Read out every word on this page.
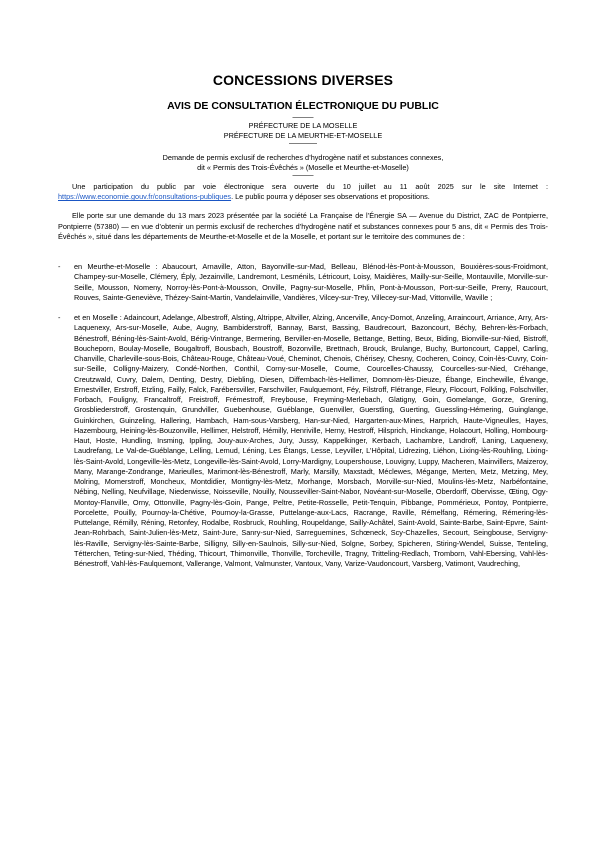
CONCESSIONS DIVERSES
AVIS DE CONSULTATION ÉLECTRONIQUE DU PUBLIC
———
PRÉFECTURE DE LA MOSELLE
PRÉFECTURE DE LA MEURTHE-ET-MOSELLE
————
Demande de permis exclusif de recherches d’hydrogène natif et substances connexes,
dit « Permis des Trois-Évêchés » (Moselle et Meurthe-et-Moselle)
———

Une participation du public par voie électronique sera ouverte du 10 juillet au 11 août 2025 sur le site Internet : https://www.economie.gouv.fr/consultations-publiques. Le public pourra y déposer ses observations et propositions.

Elle porte sur une demande du 13 mars 2023 présentée par la société La Française de l’Énergie SA — Avenue du District, ZAC de Pontpierre, Pontpierre (57380) — en vue d’obtenir un permis exclusif de recherches d’hydrogène natif et substances connexes pour 5 ans, dit « Permis des Trois-Évêchés », situé dans les départements de Meurthe-et-Moselle et de la Moselle, et portant sur le territoire des communes de :

-	en Meurthe-et-Moselle : Abaucourt, Arnaville, Atton, Bayonville-sur-Mad, Belleau, Blénod-lès-Pont-à-Mousson, Bouxières-sous-Froidmont, Champey-sur-Moselle, Clémery, Éply, Jezainville, Landremont, Lesménils, Létricourt, Loisy, Maidières, Mailly-sur-Seille, Montauville, Morville-sur-Seille, Mousson, Nomeny, Norroy-lès-Pont-à-Mousson, Onville, Pagny-sur-Moselle, Phlin, Pont-à-Mousson, Port-sur-Seille, Preny, Raucourt, Rouves, Sainte-Geneviève, Thézey-Saint-Martin, Vandelainville, Vandières, Vilcey-sur-Trey, Villecey-sur-Mad, Vittonville, Waville ;
-	et en Moselle : Adaincourt, Adelange, Albestroff, Alsting, Altrippe, Altviller, Alzing, Ancerville, Ancy-Dornot, Anzeling, Arraincourt, Arriance, Arry, Ars-Laquenexy, Ars-sur-Moselle, Aube, Augny, Bambiderstroff, Bannay, Barst, Bassing, Baudrecourt, Bazoncourt, Béchy, Behren-lès-Forbach, Bénestroff, Béning-lès-Saint-Avold, Bérig-Vintrange, Bermering, Berviller-en-Moselle, Bettange, Betting, Beux, Biding, Bionville-sur-Nied, Bistroff, Boucheporn, Boulay-Moselle, Bougaltroff, Bousbach, Boustroff, Bozonville, Brettnach, Brouck, Brulange, Buchy, Burtoncourt, Cappel, Carling, Chanville, Charleville-sous-Bois, Château-Rouge, Château-Voué, Cheminot, Chenois, Chérisey, Chesny, Cocheren, Coincy, Coin-lès-Cuvry, Coin-sur-Seille, Colligny-Maizery, Condé-Northen, Conthil, Corny-sur-Moselle, Coume, Courcelles-Chaussy, Courcelles-sur-Nied, Créhange, Creutzwald, Cuvry, Dalem, Denting, Destry, Diebling, Diesen, Diffembach-lès-Hellimer, Domnom-lès-Dieuze, Ébange, Einchewille, Élvange, Ernestviller, Erstroff, Etzling, Failly, Falck, Farébersviller, Farschviller, Faulquemont, Féy, Filstroff, Flétrange, Fleury, Flocourt, Folkling, Folschviller, Forbach, Fouligny, Francaltroff, Freistroff, Frémestroff, Freybouse, Freyming-Merlebach, Glatigny, Goin, Gomelange, Gorze, Grening, Grosbliederstroff, Grostenquin, Grundviller, Guebenhouse, Guéblange, Guenviller, Guerstling, Guerting, Guessling-Hémering, Guinglange, Guinkirchen, Guinzeling, Hallering, Hambach, Ham-sous-Varsberg, Han-sur-Nied, Hargarten-aux-Mines, Harprich, Haute-Vigneulles, Hayes, Hazembourg, Heining-lès-Bouzonville, Hellimer, Helstroff, Hémilly, Henriville, Herny, Hestroff, Hilsprich, Hinckange, Holacourt, Holling, Hombourg-Haut, Hoste, Hundling, Insming, Ippling, Jouy-aux-Arches, Jury, Jussy, Kappelkinger, Kerbach, Lachambre, Landroff, Laning, Laquenexy, Laudrefang, Le Val-de-Guéblange, Lelling, Lemud, Léning, Les Étangs, Lesse, Leyviller, L’Hôpital, Lidrezing, Liéhon, Lixing-lès-Rouhling, Lixing-lès-Saint-Avold, Longeville-lès-Metz, Longeville-lès-Saint-Avold, Lorry-Mardigny, Loupershouse, Louvigny, Luppy, Macheren, Mainvillers, Maizeroy, Many, Marange-Zondrange, Marieulles, Marimont-lès-Bénestroff, Marly, Marsilly, Maxstadt, Méclewes, Mégange, Merten, Metz, Metzing, Mey, Molring, Momerstroff, Moncheux, Montdidier, Montigny-lès-Metz, Morhange, Morsbach, Morville-sur-Nied, Moulins-lès-Metz, Narbéfontaine, Nébing, Nelling, Neufvillage, Niederwisse, Noisseville, Nouilly, Nousseviller-Saint-Nabor, Novéant-sur-Moselle, Oberdorff, Obervisse, Œting, Ogy-Montoy-Flanville, Orny, Ottonville, Pagny-lès-Goin, Pange, Peltre, Petite-Rosselle, Petit-Tenquin, Pibbange, Pommérieux, Pontoy, Pontpierre, Porcelette, Pouilly, Pournoy-la-Chétive, Pournoy-la-Grasse, Puttelange-aux-Lacs, Racrange, Raville, Rémelfang, Rémering, Rémering-lès-Puttelange, Rémilly, Réning, Retonfey, Rodalbe, Rosbruck, Rouhling, Roupeldange, Sailly-Achâtel, Saint-Avold, Sainte-Barbe, Saint-Epvre, Saint-Jean-Rohrbach, Saint-Julien-lès-Metz, Saint-Jure, Sanry-sur-Nied, Sarreguemines, Schœneck, Scy-Chazelles, Secourt, Seingbouse, Servigny-lès-Raville, Servigny-lès-Sainte-Barbe, Silligny, Silly-en-Saulnois, Silly-sur-Nied, Solgne, Sorbey, Spicheren, Stiring-Wendel, Suisse, Tenteling, Tétterchen, Teting-sur-Nied, Théding, Thicourt, Thimonville, Thonville, Torcheville, Tragny, Tritteling-Redlach, Tromborn, Vahl-Ebersing, Vahl-lès-Bénestroff, Vahl-lès-Faulquemont, Vallerange, Valmont, Valmunster, Vantoux, Vany, Varize-Vaudoncourt, Varsberg, Vatimont, Vaudreching,
